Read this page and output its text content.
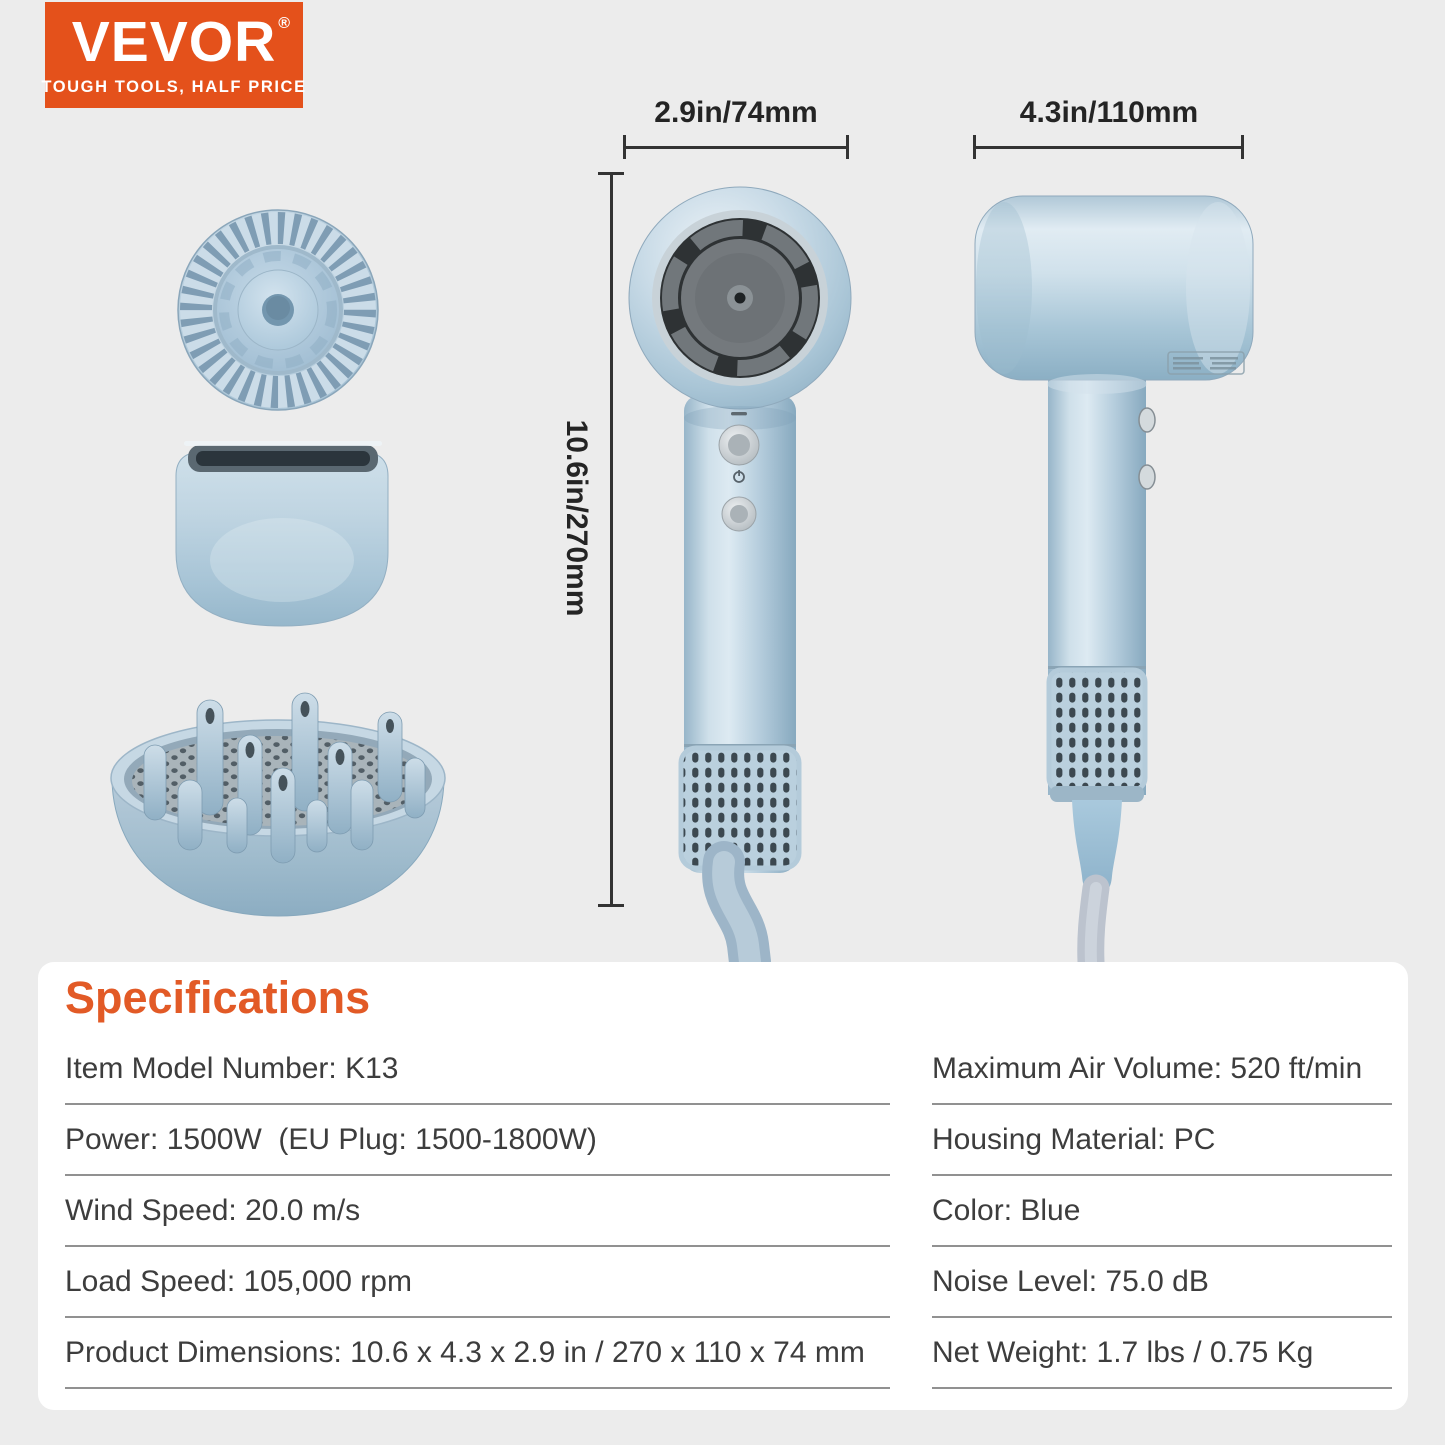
VEVOR ®
TOUGH TOOLS, HALF PRICE
2.9in/74mm	4.3in/110mm
10.6in/270mm
Specifications
Item Model Number: K13
Power: 1500W  (EU Plug: 1500-1800W)
Wind Speed: 20.0 m/s
Load Speed: 105,000 rpm
Product Dimensions: 10.6 x 4.3 x 2.9 in / 270 x 110 x 74 mm
Maximum Air Volume: 520 ft/min
Housing Material: PC
Color: Blue
Noise Level: 75.0 dB
Net Weight: 1.7 lbs / 0.75 Kg
